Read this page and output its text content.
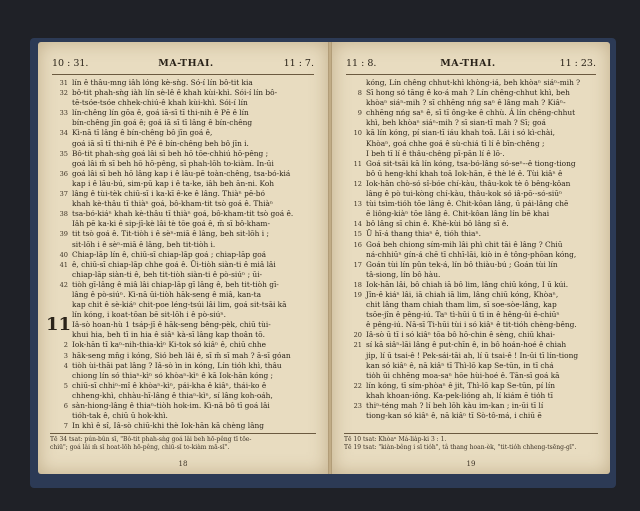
10 : 31.	MA-THAI.	11 : 7.
31 lín ê thâu-mng iâh lóng kè-sǹg. Só-í lín bô-tit kia
32 bô-tit phah-sǹg iàh lín sè-lê ê khah kùi-khì. Sói-í lín bô-
tē-tsóe-tsóe chhek-chiú-ê khah kùi-khì. Sói-í lín
33 lín-chêng lín gōa ê, goá iā-sī tī thi-nih ê Pē ê lín
bín-chêng jīn goá ê; goá iā sī tī lâng ê bín-chêng
34 Kì-nā tī lâng ê bín-chêng bô jīn goá ê,
goá iā sī tī thi-nih ê Pē ê bín-chêng beh bô jīn i.
35 Bô-tit phah-sǹg goá lâi sī beh hō tōe-chhiú hō-pêng ;
goá lâi m̄ sī beh hō hō-pêng, sī phah-lōh to-kiàm. In-ūi
36 goá lâi sī beh hō lâng kap i ê lāu-pē toàn-chêng, tsa-bó-kiá
kap i ê lāu-bú, sim-pū kap i ê ta-ke, iâh beh ān-ni. Koh
37 lâng ê tùi-tèk chiū-sī i ka-kī ê-ke ê lâng. Thiàⁿ pē-bó
khah kè-thâu tī thiàⁿ goá, bô-kham-tit tsò goá ê. Thiàⁿ
38 tsa-bó-kiáⁿ khah kè-thâu tī thiàⁿ goá, bô-kham-tit tsò goá ê.
Iâh pē ka-ki ê sip-jī-kè lâi tè tōe goá ê, m̄ sī bô-kham-
39 tit tsò goá ê. Tit-tiòh i ê sèⁿ-miā ê lâng, beh sit-lōh i ;
sit-lōh i ê sèⁿ-miā ê lâng, beh tit-tiòh i.
40 Chiap-lāp lín ê, chiū-sī chiap-lāp goá ; chiap-lāp goá
41 ê, chiū-sī chiap-lāp chhe goá ê. Ūi-tiòh siàn-ti ê miâ lâi
chiap-lāp siàn-ti ê, beh tit-tiòh siàn-ti ê pò-siúⁿ ; ūi-
42 tiòh gī-lâng ê miâ lâi chiap-lāp gī lâng ê, beh tit-tiòh gī-
lâng ê pò-siúⁿ. Kì-nā ūi-tiòh hāk-seng ê miâ, kan-ta
kap chit ê sè-kiáⁿ chit-poe léng-tsúi lâi lim, goá sit-tsāi kā
lín kóng, i koat-tōan bē sit-lōh i ê pò-siúⁿ.
11 Iâ-sò hoan-hù 1 tsáp-jī ê hāk-seng bêng-pèk, chiū tùi-
khui hia, beh tī in hia ê siâⁿ kà-sī lâng kap thoân tō.
2 Iok-hān tī kaⁿ-nih-thia-kìⁿ Ki-tok só kiâⁿ ê, chiū chhe
3 hāk-seng mn̄g i kóng, Sió beh lâi ê, sī m̄ sī mah ? ā-sī góan
4 tiòh ùi-thāi pat lâng ? Iâ-sò ìn in kóng, Lín tióh khì, thâu
chiong lín só thiaⁿ-kìⁿ só khòaⁿ-kìⁿ ê kā Iok-hān kóng ;
5 chiū-sī chhiⁿ-mî ê khòaⁿ-kìⁿ, pái-kha ê kiâⁿ, thái-ko ê
chheng-khì, chhàu-hī-lâng ê thiaⁿ-kìⁿ, sí lâng koh-oáh,
6 sàn-hiong-lâng ê thiaⁿ-tiòh hok-im. Kì-nā bô tī goá lâi
tióh-tak ê, chiū ū hok-khì.
7 In khì ê sî, Iâ-sò chiū-khi thè Iok-hān kā chèng lâng
Tē 34 tsat: pún-bûn sī, "Bô-tit phah-sǹg goá lâi beh hō-pêng tī tōe-
chiū"; goá lâi m̄ sī hoat-lōh hō-pêng, chiū-sī to-kiàm mā-sī".
18
11 : 8.	MA-THAI.	11 : 23.
kóng, Lín chêng chhut-khì khòng-iá, beh khòaⁿ siáⁿ-mih ?
8 Sī hong só tāng ê ko-á mah ? Lín chêng-chhut khì, beh
khòaⁿ siáⁿ-mih ? sī chhēng nńg saⁿ ê lâng mah ? Kiâⁿ-
9 chhēng nńg saⁿ ê, sī tī ông-ke ê chhù. Á lín chêng-chhut
khì, beh khòaⁿ siáⁿ-mih ? sī sian-tī mah ? Sī; goá
10 kā lín kóng, pí sian-tī iáu khah toā. Lâi i só kì-chài,
Khòaⁿ, goá chhe goá ê sù-chiá tī lí ê bīn-chêng ;
I beh tī lí ê thâu-chêng pī-pān lí ê lō·.
11 Goá sit-tsāi kā lín kóng, tsa-bó-lâng só-seⁿ--ê tiong-tiong
bô ū heng-khí khah toā Iok-hān, ē thè lé ê. Tùi kiâⁿ ê
12 Iok-hān chò-só sî-bóe chí-kàu, thâu-kok tè ô bêng-kôan
lâng ê pò tui-kòng chí-kàu, thâu-kok só iâ-pō·-só-siūⁿ
13 tùi tsìm-tióh tōe lâng ê. Chit-kôan lâng, ū pái-lâng chē
ē liông-kiàⁿ tōe lâng ê. Chit-kôan lâng lín bē khai
14 bô lâng sī chin ê. Khè-kùi bô lâng sī ê.
15 Ū hī-á thang thiaⁿ ê, tióh thiaⁿ.
16 Goá beh chiong sím-mih lâi phì chit tāi ê lâng ? Chiū
ná-chhiūⁿ gín-á chē tī chhī-lāi, kiò in ê tông-phōan kóng,
17 Goán tùi lín pûn tek-á, lín bô thiàu-bú ; Goán tùi lín
tâ-siong, lín bô hàu.
18 Iok-hān lâi, bô chiah iā bô lim, lâng chiū kóng, I ū kúi.
19 Jîn-ê kiáⁿ lâi, iā chiah iā lim, lâng chiū kóng, Khòaⁿ,
chit lâng tham chiah tham lim, sī soe-sòe-lâng, kap
tsōe-jîn ê pêng-iú. Taⁿ tì-hūi ū tī in ê hêng-ûi ê-chiūⁿ
ê pêng-iú. Nā-sī Ti-hūi tùi i só kiâⁿ ê tit-tióh chèng-bêng.
20 Iâ-sò ū tī i só kiâⁿ tōa bô hō-chin ê sèng, chiū khai-
21 sí kā siâⁿ-lāi lâng ê put-chīn ê, in bô hoán-hoé ê chiah
ji̍p, lí ū tsai-ê ! Pek-sái-tāi ah, lí ū tsai-ê ! In-ūi tī lín-tiong
kan só kiâⁿ ê, nā kiâⁿ tī Thì-lō kap Se-tūn, in tī chá
tio̍h ūi chhēng moa-saⁿ hōe hùi-hoé ê. Tān-sī goá kā
22 lín kóng, tī sím-phòaⁿ ê jit, Thì-lō kap Se-tūn, pí lín
khah khoan-iông. Ka-pek-lióng ah, lí kiám ē tio̍h tī
23 thiⁿ-téng mah ? lí beh lōh kàu im-kan ; in-ūi tī lí
tiong-kan só kiâⁿ ê, nā kiâⁿ tī Sò-tô-má, i chiū ē
Tē 10 tsat: Khòaⁿ Má-lia̍p-ki 3 : 1.
Tē 19 tsat: "kiàn-bêng i sī tio̍h", tâ thang hoan-èk, "tit-tio̍h chheng-tsēng-gī".
19
